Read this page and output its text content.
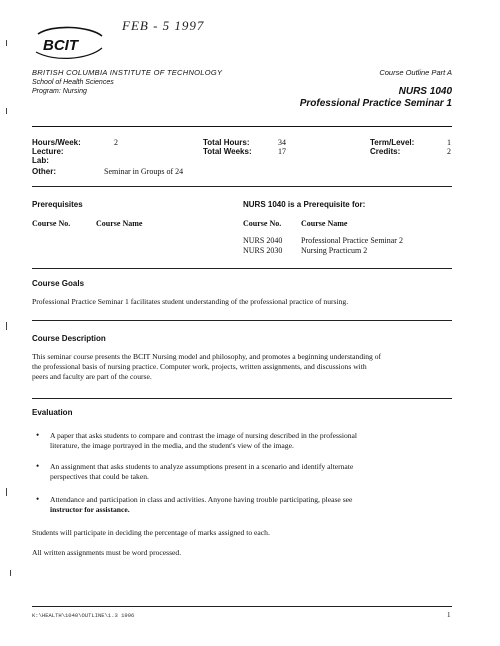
FEB - 5 1997
BCIT
BRITISH COLUMBIA INSTITUTE OF TECHNOLOGY
School of Health Sciences
Program: Nursing
Course Outline Part A
NURS 1040
Professional Practice Seminar 1
Hours/Week:	2
Lecture:
Lab:
Other:	Seminar in Groups of 24
Total Hours:	34
Total Weeks:	17
Term/Level:	1
Credits:	2
Prerequisites
Course No.	Course Name
NURS 1040 is a Prerequisite for:
Course No. Course Name
NURS 2040 Professional Practice Seminar 2
NURS 2030 Nursing Practicum 2
Course Goals
Professional Practice Seminar 1 facilitates student understanding of the professional practice of nursing.
Course Description
This seminar course presents the BCIT Nursing model and philosophy, and promotes a beginning understanding of
the professional basis of nursing practice. Computer work, projects, written assignments, and discussions with
peers and faculty are part of the course.
Evaluation
• A paper that asks students to compare and contrast the image of nursing described in the professional
literature, the image portrayed in the media, and the student's view of the image.
• An assignment that asks students to analyze assumptions present in a scenario and identify alternate
perspectives that could be taken.
• Attendance and participation in class and activities. Anyone having trouble participating, please see
instructor for assistance.
Students will participate in deciding the percentage of marks assigned to each.
All written assignments must be word processed.
K:\HEALTH\1040\OUTLINE\1.3 1996	1
